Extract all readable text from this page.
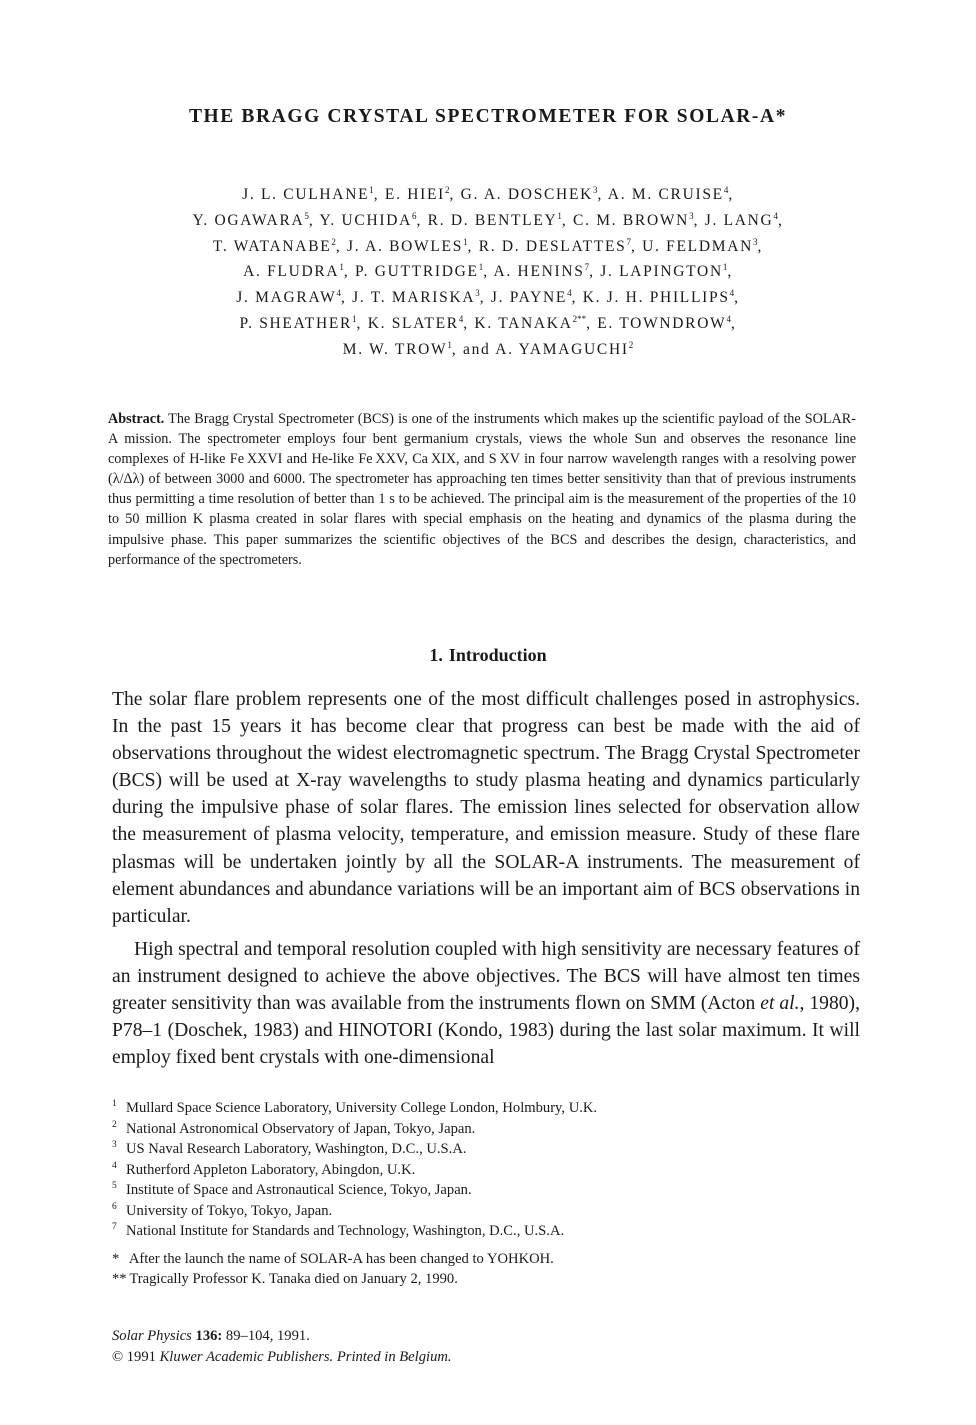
THE BRAGG CRYSTAL SPECTROMETER FOR SOLAR-A*
J. L. CULHANE$^1$, E. HIEI$^2$, G. A. DOSCHEK$^3$, A. M. CRUISE$^4$,
Y. OGAWARA$^5$, Y. UCHIDA$^6$, R. D. BENTLEY$^1$, C. M. BROWN$^3$, J. LANG$^4$,
T. WATANABE$^2$, J. A. BOWLES$^1$, R. D. DESLATTES$^7$, U. FELDMAN$^3$,
A. FLUDRA$^1$, P. GUTTRIDGE$^1$, A. HENINS$^7$, J. LAPINGTON$^1$,
J. MAGRAW$^4$, J. T. MARISKA$^3$, J. PAYNE$^4$, K. J. H. PHILLIPS$^4$,
P. SHEATHER$^1$, K. SLATER$^4$, K. $TANAKA^{2**}$, E. TOWNDROW$^4$,
M. W. TROW$^1$, and A. YAMAGUCHI$^2$
Abstract. The Bragg Crystal Spectrometer (BCS) is one of the instruments which makes up the scientific payload of the SOLAR-A mission. The spectrometer employs four bent germanium crystals, views the whole Sun and observes the resonance line complexes of H-like Fe XXVI and He-like Fe XXV, Ca XIX, and S XV in four narrow wavelength ranges with a resolving power (λ/Δλ) of between 3000 and 6000. The spectrometer has approaching ten times better sensitivity than that of previous instruments thus permitting a time resolution of better than 1 s to be achieved. The principal aim is the measurement of the properties of the 10 to 50 million K plasma created in solar flares with special emphasis on the heating and dynamics of the plasma during the impulsive phase. This paper summarizes the scientific objectives of the BCS and describes the design, characteristics, and performance of the spectrometers.
1. Introduction
The solar flare problem represents one of the most difficult challenges posed in astrophysics. In the past 15 years it has become clear that progress can best be made with the aid of observations throughout the widest electromagnetic spectrum. The Bragg Crystal Spectrometer (BCS) will be used at X-ray wavelengths to study plasma heating and dynamics particularly during the impulsive phase of solar flares. The emission lines selected for observation allow the measurement of plasma velocity, temperature, and emission measure. Study of these flare plasmas will be undertaken jointly by all the SOLAR-A instruments. The measurement of element abundances and abundance variations will be an important aim of BCS observations in particular.
High spectral and temporal resolution coupled with high sensitivity are necessary features of an instrument designed to achieve the above objectives. The BCS will have almost ten times greater sensitivity than was available from the instruments flown on SMM (Acton et al., 1980), P78–1 (Doschek, 1983) and HINOTORI (Kondo, 1983) during the last solar maximum. It will employ fixed bent crystals with one-dimensional
1 Mullard Space Science Laboratory, University College London, Holmbury, U.K.
2 National Astronomical Observatory of Japan, Tokyo, Japan.
3 US Naval Research Laboratory, Washington, D.C., U.S.A.
4 Rutherford Appleton Laboratory, Abingdon, U.K.
5 Institute of Space and Astronautical Science, Tokyo, Japan.
6 University of Tokyo, Tokyo, Japan.
7 National Institute for Standards and Technology, Washington, D.C., U.S.A.
* After the launch the name of SOLAR-A has been changed to YOHKOH.
** Tragically Professor K. Tanaka died on January 2, 1990.
Solar Physics 136: 89–104, 1991.
© 1991 Kluwer Academic Publishers. Printed in Belgium.
